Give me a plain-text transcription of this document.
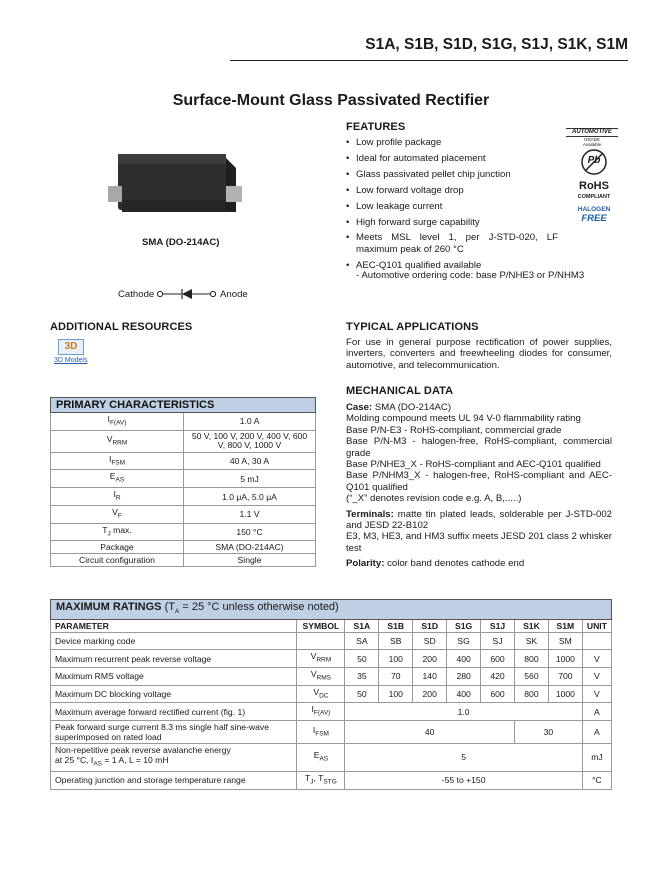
S1A, S1B, S1D, S1G, S1J, S1K, S1M
Surface-Mount Glass Passivated Rectifier
SMA (DO-214AC)
Cathode	Anode
ADDITIONAL RESOURCES
3D
3D Models
PRIMARY CHARACTERISTICS	
$I_{F(AV)}$	1.0 A
$V_{RRM}$	50 V, 100 V, 200 V, 400 V, 600 V, 800 V, 1000 V
$I_{FSM}$	40 A, 30 A
$E_{AS}$	5 mJ
$I_R$	1.0 μA, 5.0 μA
$V_F$	1.1 V
$T_J$ max.	150 °C
Package	SMA (DO-214AC)
Circuit configuration	Single
FEATURES
• Low profile package
• Ideal for automated placement
• Glass passivated pellet chip junction
• Low forward voltage drop
• Low leakage current
• High forward surge capability
• Meets MSL level 1, per J-STD-020, LF maximum peak of 260 °C
• AEC-Q101 qualified available
- Automotive ordering code: base P/NHE3 or P/NHM3
AUTOMOTIVE
GRADE
Available
Pb
RoHS
COMPLIANT
HALOGEN
FREE
TYPICAL APPLICATIONS
For use in general purpose rectification of power supplies, inverters, converters and freewheeling diodes for consumer, automotive, and telecommunication.
MECHANICAL DATA
Case: SMA (DO-214AC)
Molding compound meets UL 94 V-0 flammability rating
Base P/N-E3 - RoHS-compliant, commercial grade
Base P/N-M3 - halogen-free, RoHS-compliant, commercial grade
Base P/NHE3_X - RoHS-compliant and AEC-Q101 qualified
Base P/NHM3_X - halogen-free, RoHS-compliant and AEC-Q101 qualified
(“_X” denotes revision code e.g. A, B,.....)
Terminals: matte tin plated leads, solderable per J-STD-002 and JESD 22-B102
E3, M3, HE3, and HM3 suffix meets JESD 201 class 2 whisker test
Polarity: color band denotes cathode end
MAXIMUM RATINGS ($T_A = 25$ °C unless otherwise noted)									
PARAMETER	SYMBOL	S1A	S1B	S1D	S1G	S1J	S1K	S1M	UNIT
Device marking code		SA	SB	SD	SG	SJ	SK	SM	
Maximum recurrent peak reverse voltage	$V_{RRM}$	50	100	200	400	600	800	1000	V
Maximum RMS voltage	$V_{RMS}$	35	70	140	280	420	560	700	V
Maximum DC blocking voltage	$V_{DC}$	50	100	200	400	600	800	1000	V
Maximum average forward rectified current (fig. 1)	$I_{F(AV)}$	1.0							A

Peak forward surge current 8.3 ms single half sine-wave
superimposed on rated load	$I_{FSM}$	40					30		A

Non-repetitive peak reverse avalanche energy
at 25 °C, $I_{AS} = 1$ A, L = 10 mH	$E_{AS}$	5							mJ
Operating junction and storage temperature range	$T_J$, $T_{STG}$	-55 to +150							°C
